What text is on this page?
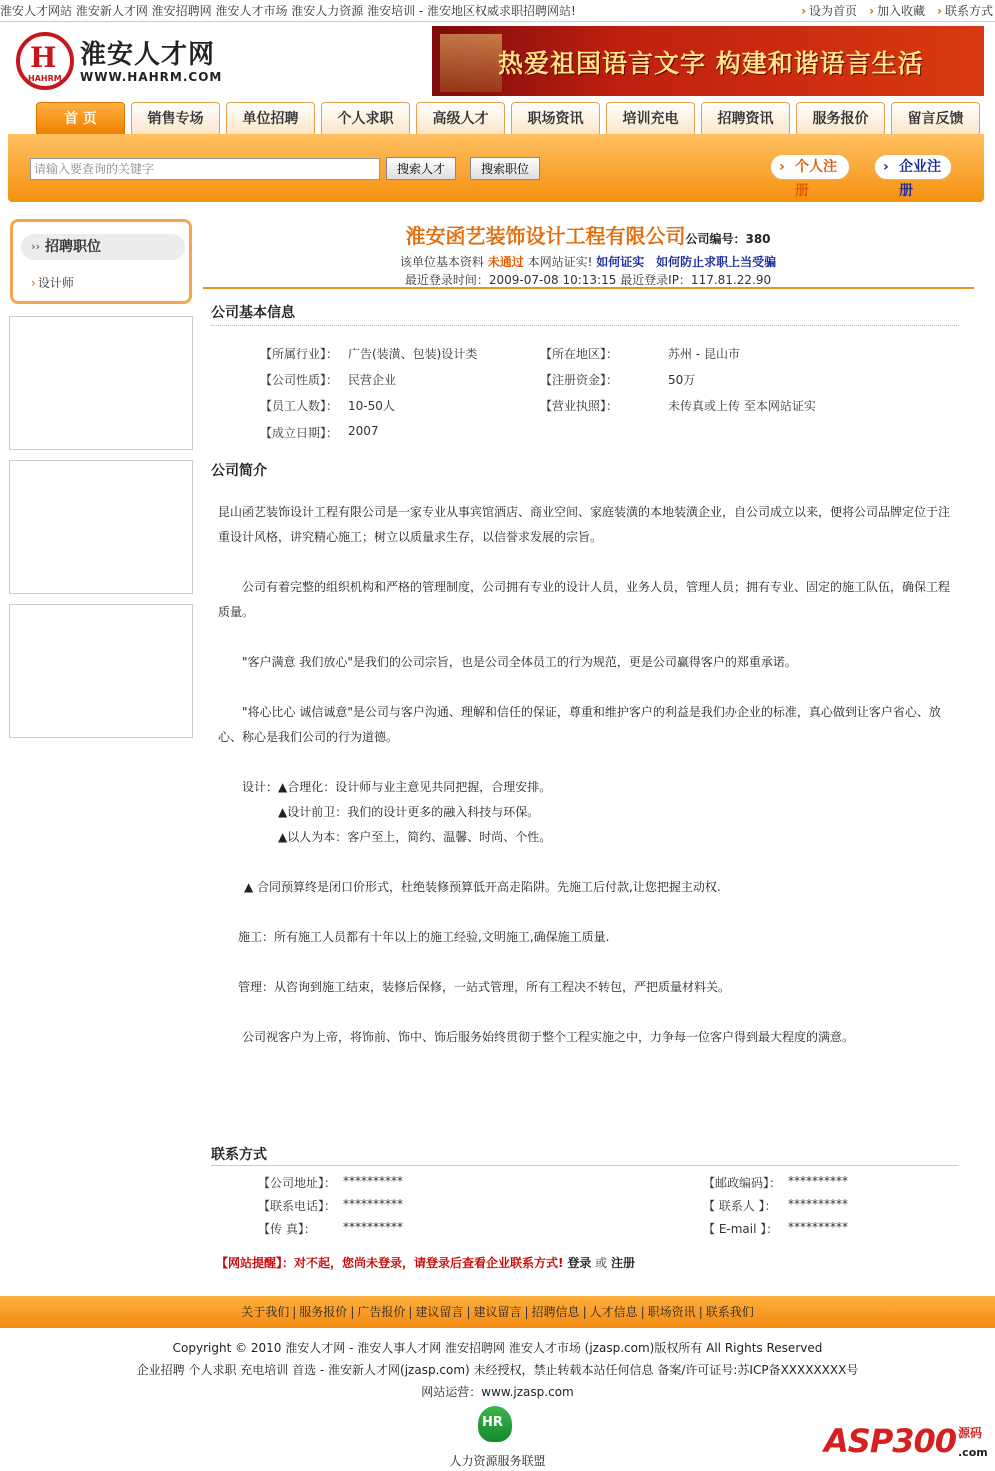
淮安人才网站 淮安新人才网 淮安招聘网 淮安人才市场 淮安人力资源 淮安培训 - 淮安地区权威求职招聘网站!	› 设为首页 › 加入收藏 › 联系方式
H
HAHRM
淮安人才网
WWW.HAHRM.COM	热爱祖国语言文字 构建和谐语言生活
首 页	销售专场	单位招聘	个人求职	高级人才	职场资讯	培训充电	招聘资讯	服务报价	留言反馈
请输入要查询的关键字
搜索人才	搜索职位	› 个人注册
› 企业注册
›› 招聘职位
› 设计师
淮安函艺装饰设计工程有限公司公司编号：380
该单位基本资料 未通过 本网站证实! 如何证实 如何防止求职上当受骗
最近登录时间：2009-07-08 10:13:15 最近登录IP：117.81.22.90
公司基本信息
【所属行业】： 广告(装潢、包装)设计类	【所在地区】：	苏州 - 昆山市
【公司性质】： 民营企业	【注册资金】：	50万
【员工人数】： 10-50人	【营业执照】：	未传真或上传 至本网站证实
【成立日期】： 2007
公司简介

昆山函艺装饰设计工程有限公司是一家专业从事宾馆酒店、商业空间、家庭装潢的本地装潢企业，自公司成立以来，便将公司品牌定位于注重设计风格，讲究精心施工；树立以质量求生存，以信誉求发展的宗旨。

公司有着完整的组织机构和严格的管理制度，公司拥有专业的设计人员，业务人员，管理人员；拥有专业、固定的施工队伍，确保工程质量。

"客户满意 我们放心"是我们的公司宗旨，也是公司全体员工的行为规范，更是公司赢得客户的郑重承诺。

"将心比心 诚信诚意"是公司与客户沟通、理解和信任的保证，尊重和维护客户的利益是我们办企业的标准，真心做到让客户省心、放心、称心是我们公司的行为道德。

设计：▲合理化：设计师与业主意见共同把握，合理安排。

▲设计前卫：我们的设计更多的融入科技与环保。

▲以人为本：客户至上，简约、温馨、时尚、个性。

▲ 合同预算终是闭口价形式，杜绝装修预算低开高走陷阱。先施工后付款,让您把握主动权.

施工：所有施工人员都有十年以上的施工经验,文明施工,确保施工质量.

管理：从咨询到施工结束，装修后保修，一站式管理，所有工程决不转包，严把质量材料关。

公司视客户为上帝，将饰前、饰中、饰后服务始终贯彻于整个工程实施之中，力争每一位客户得到最大程度的满意。

联系方式
【公司地址】： **********	【邮政编码】： **********
【联系电话】： **********	【 联系人 】： **********
【传 真】： **********	【 E-mail 】： **********
【网站提醒】：对不起，您尚未登录，请登录后查看企业联系方式! 登录 或 注册
关于我们 | 服务报价 | 广告报价 | 建议留言 | 建议留言 | 招聘信息 | 人才信息 | 职场资讯 | 联系我们
Copyright © 2010 淮安人才网 - 淮安人事人才网 淮安招聘网 淮安人才市场 (jzasp.com)版权所有 All Rights Reserved
企业招聘 个人求职 充电培训 首选 - 淮安新人才网(jzasp.com) 未经授权，禁止转载本站任何信息 备案/许可证号:苏ICP备XXXXXXXX号
网站运营：www.jzasp.com
HR
人力资源服务联盟
ASP300 源码
.com
